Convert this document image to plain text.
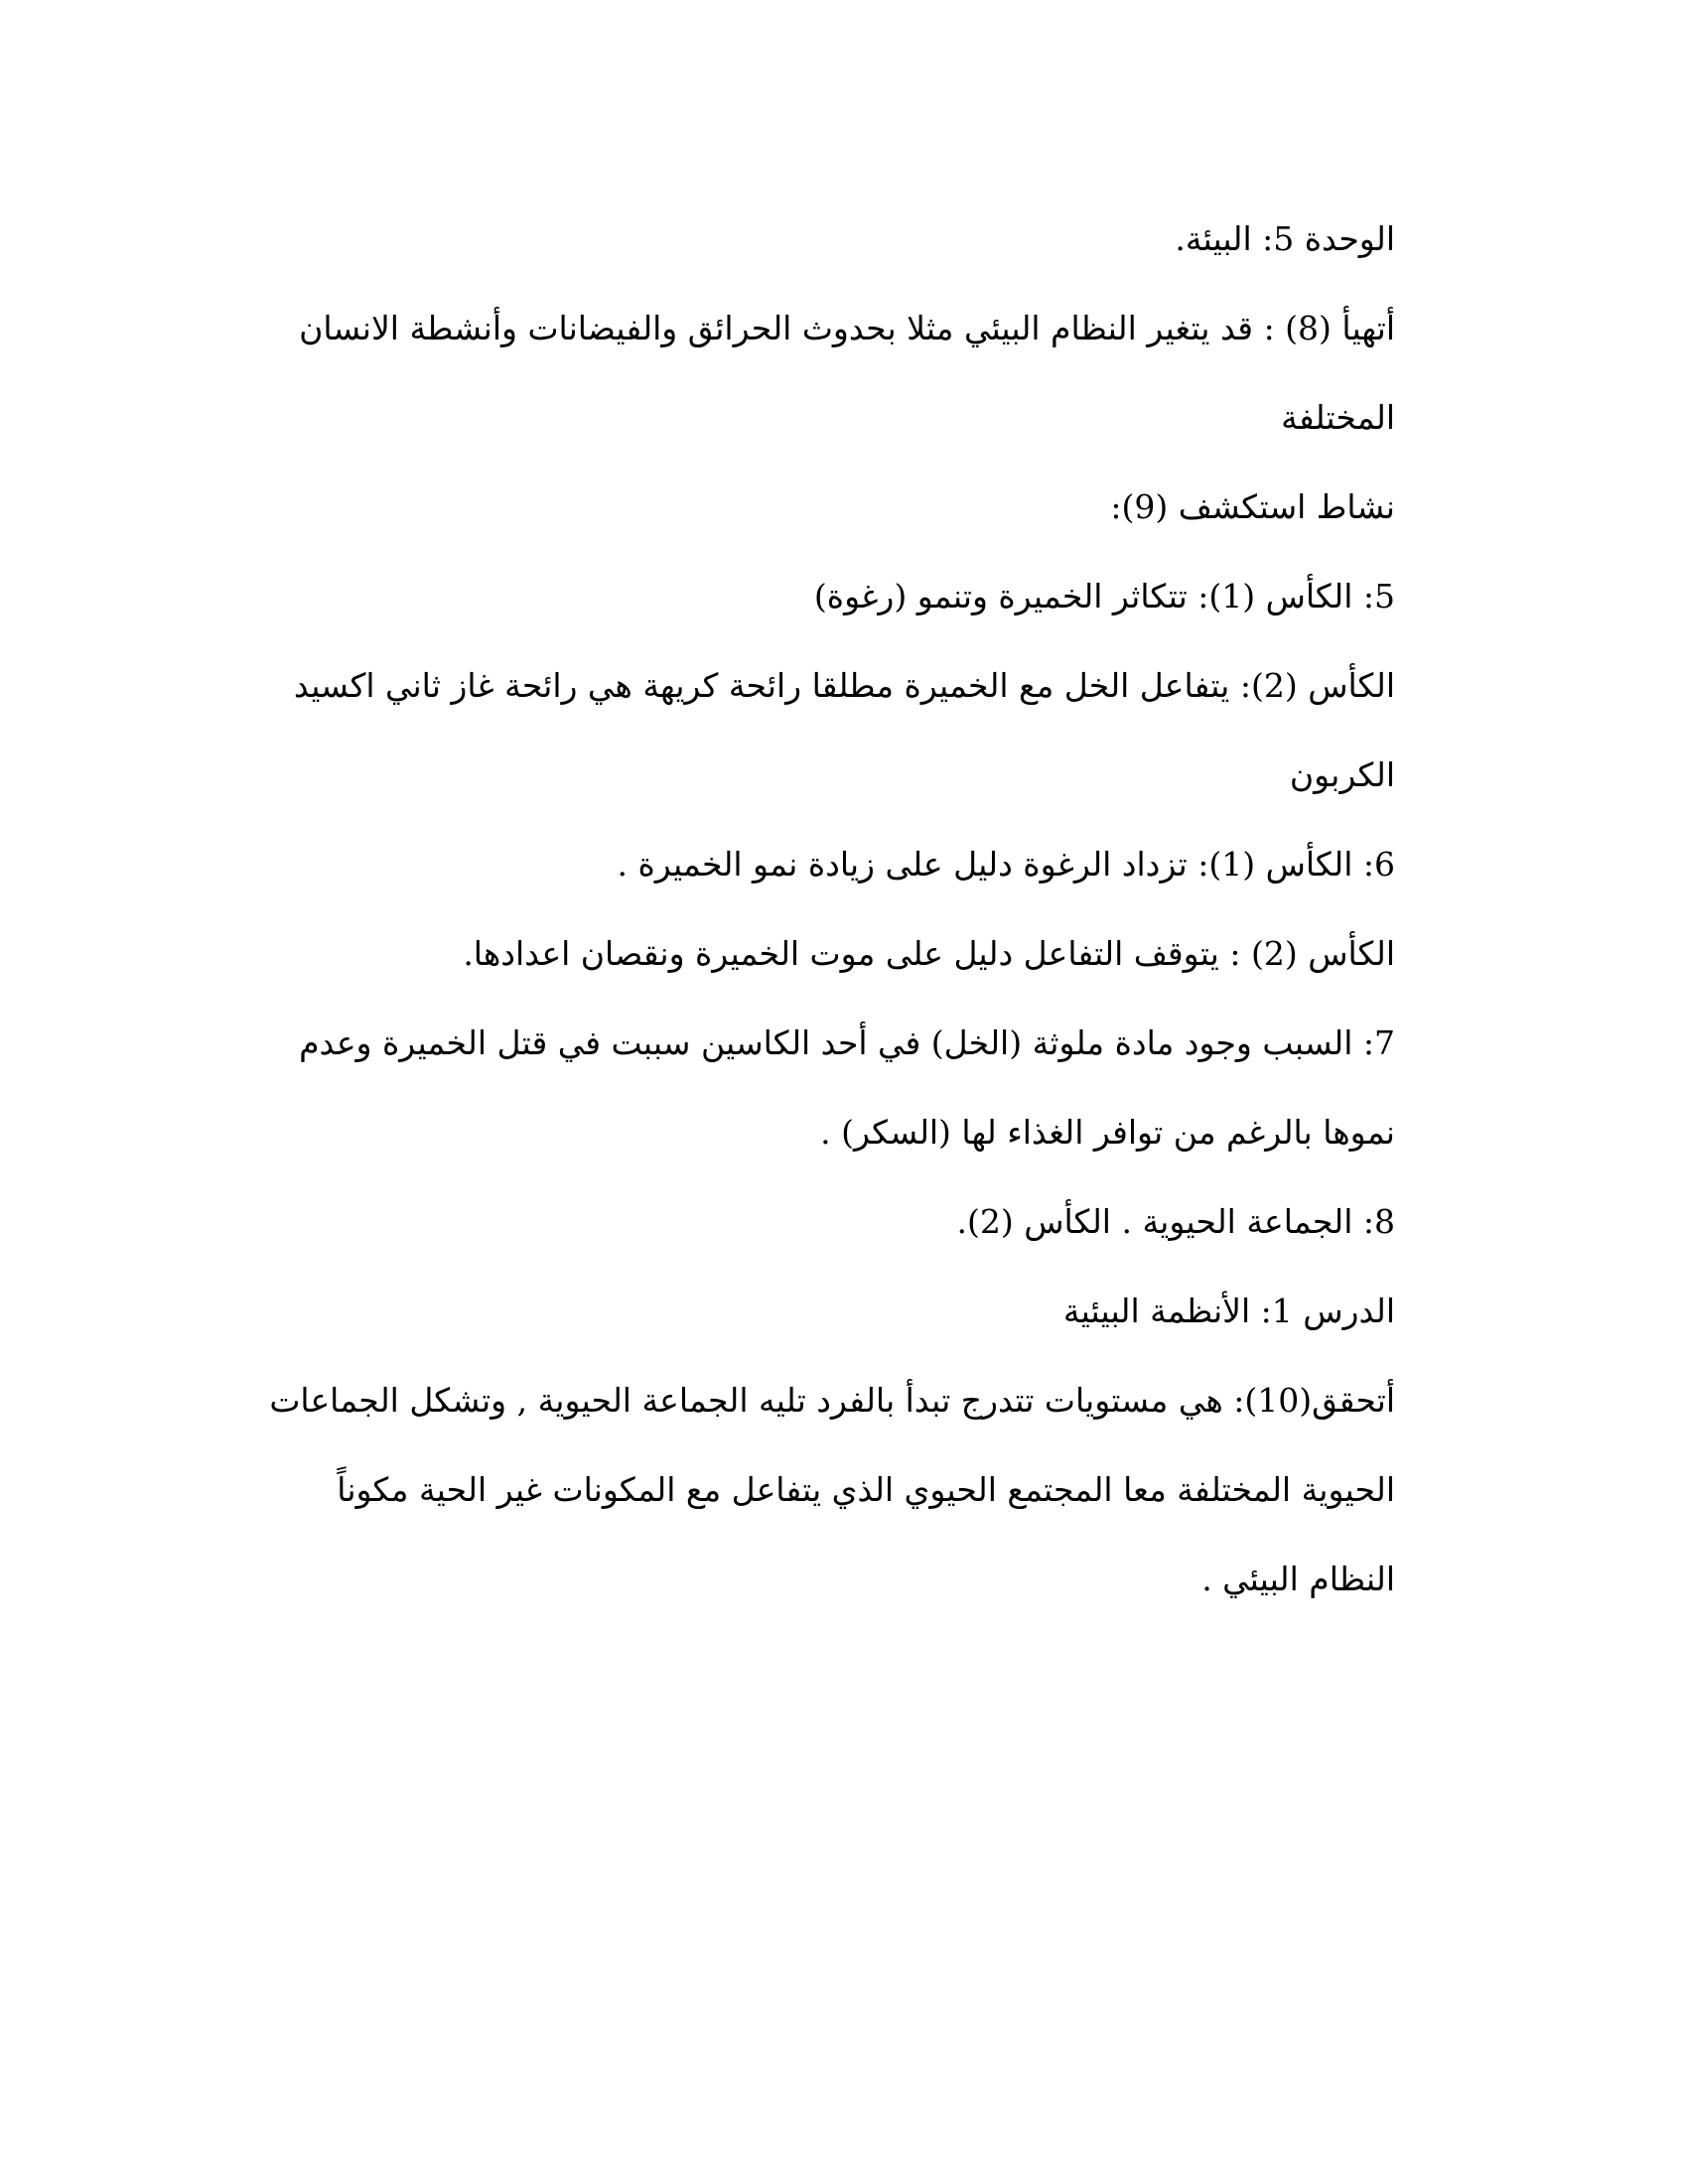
الوحدة 5: البيئة.

أتهيأ (8) : قد يتغير النظام البيئي مثلا بحدوث الحرائق والفيضانات وأنشطة الانسان المختلفة

نشاط استكشف (9):

5: الكأس (1): تتكاثر الخميرة وتنمو (رغوة)

الكأس (2): يتفاعل الخل مع الخميرة مطلقا رائحة كريهة هي رائحة غاز ثاني اكسيد الكربون

6: الكأس (1): تزداد الرغوة دليل على زيادة نمو الخميرة .

الكأس (2) : يتوقف التفاعل دليل على موت الخميرة ونقصان اعدادها.

7: السبب وجود مادة ملوثة (الخل) في أحد الكاسين سببت في قتل الخميرة وعدم نموها بالرغم من توافر الغذاء لها (السكر) .

8: الجماعة الحيوية . الكأس (2).

الدرس 1: الأنظمة البيئية

أتحقق(10): هي مستويات تتدرج تبدأ بالفرد تليه الجماعة الحيوية , وتشكل الجماعات الحيوية المختلفة معا المجتمع الحيوي الذي يتفاعل مع المكونات غير الحية مكوناً النظام البيئي .
